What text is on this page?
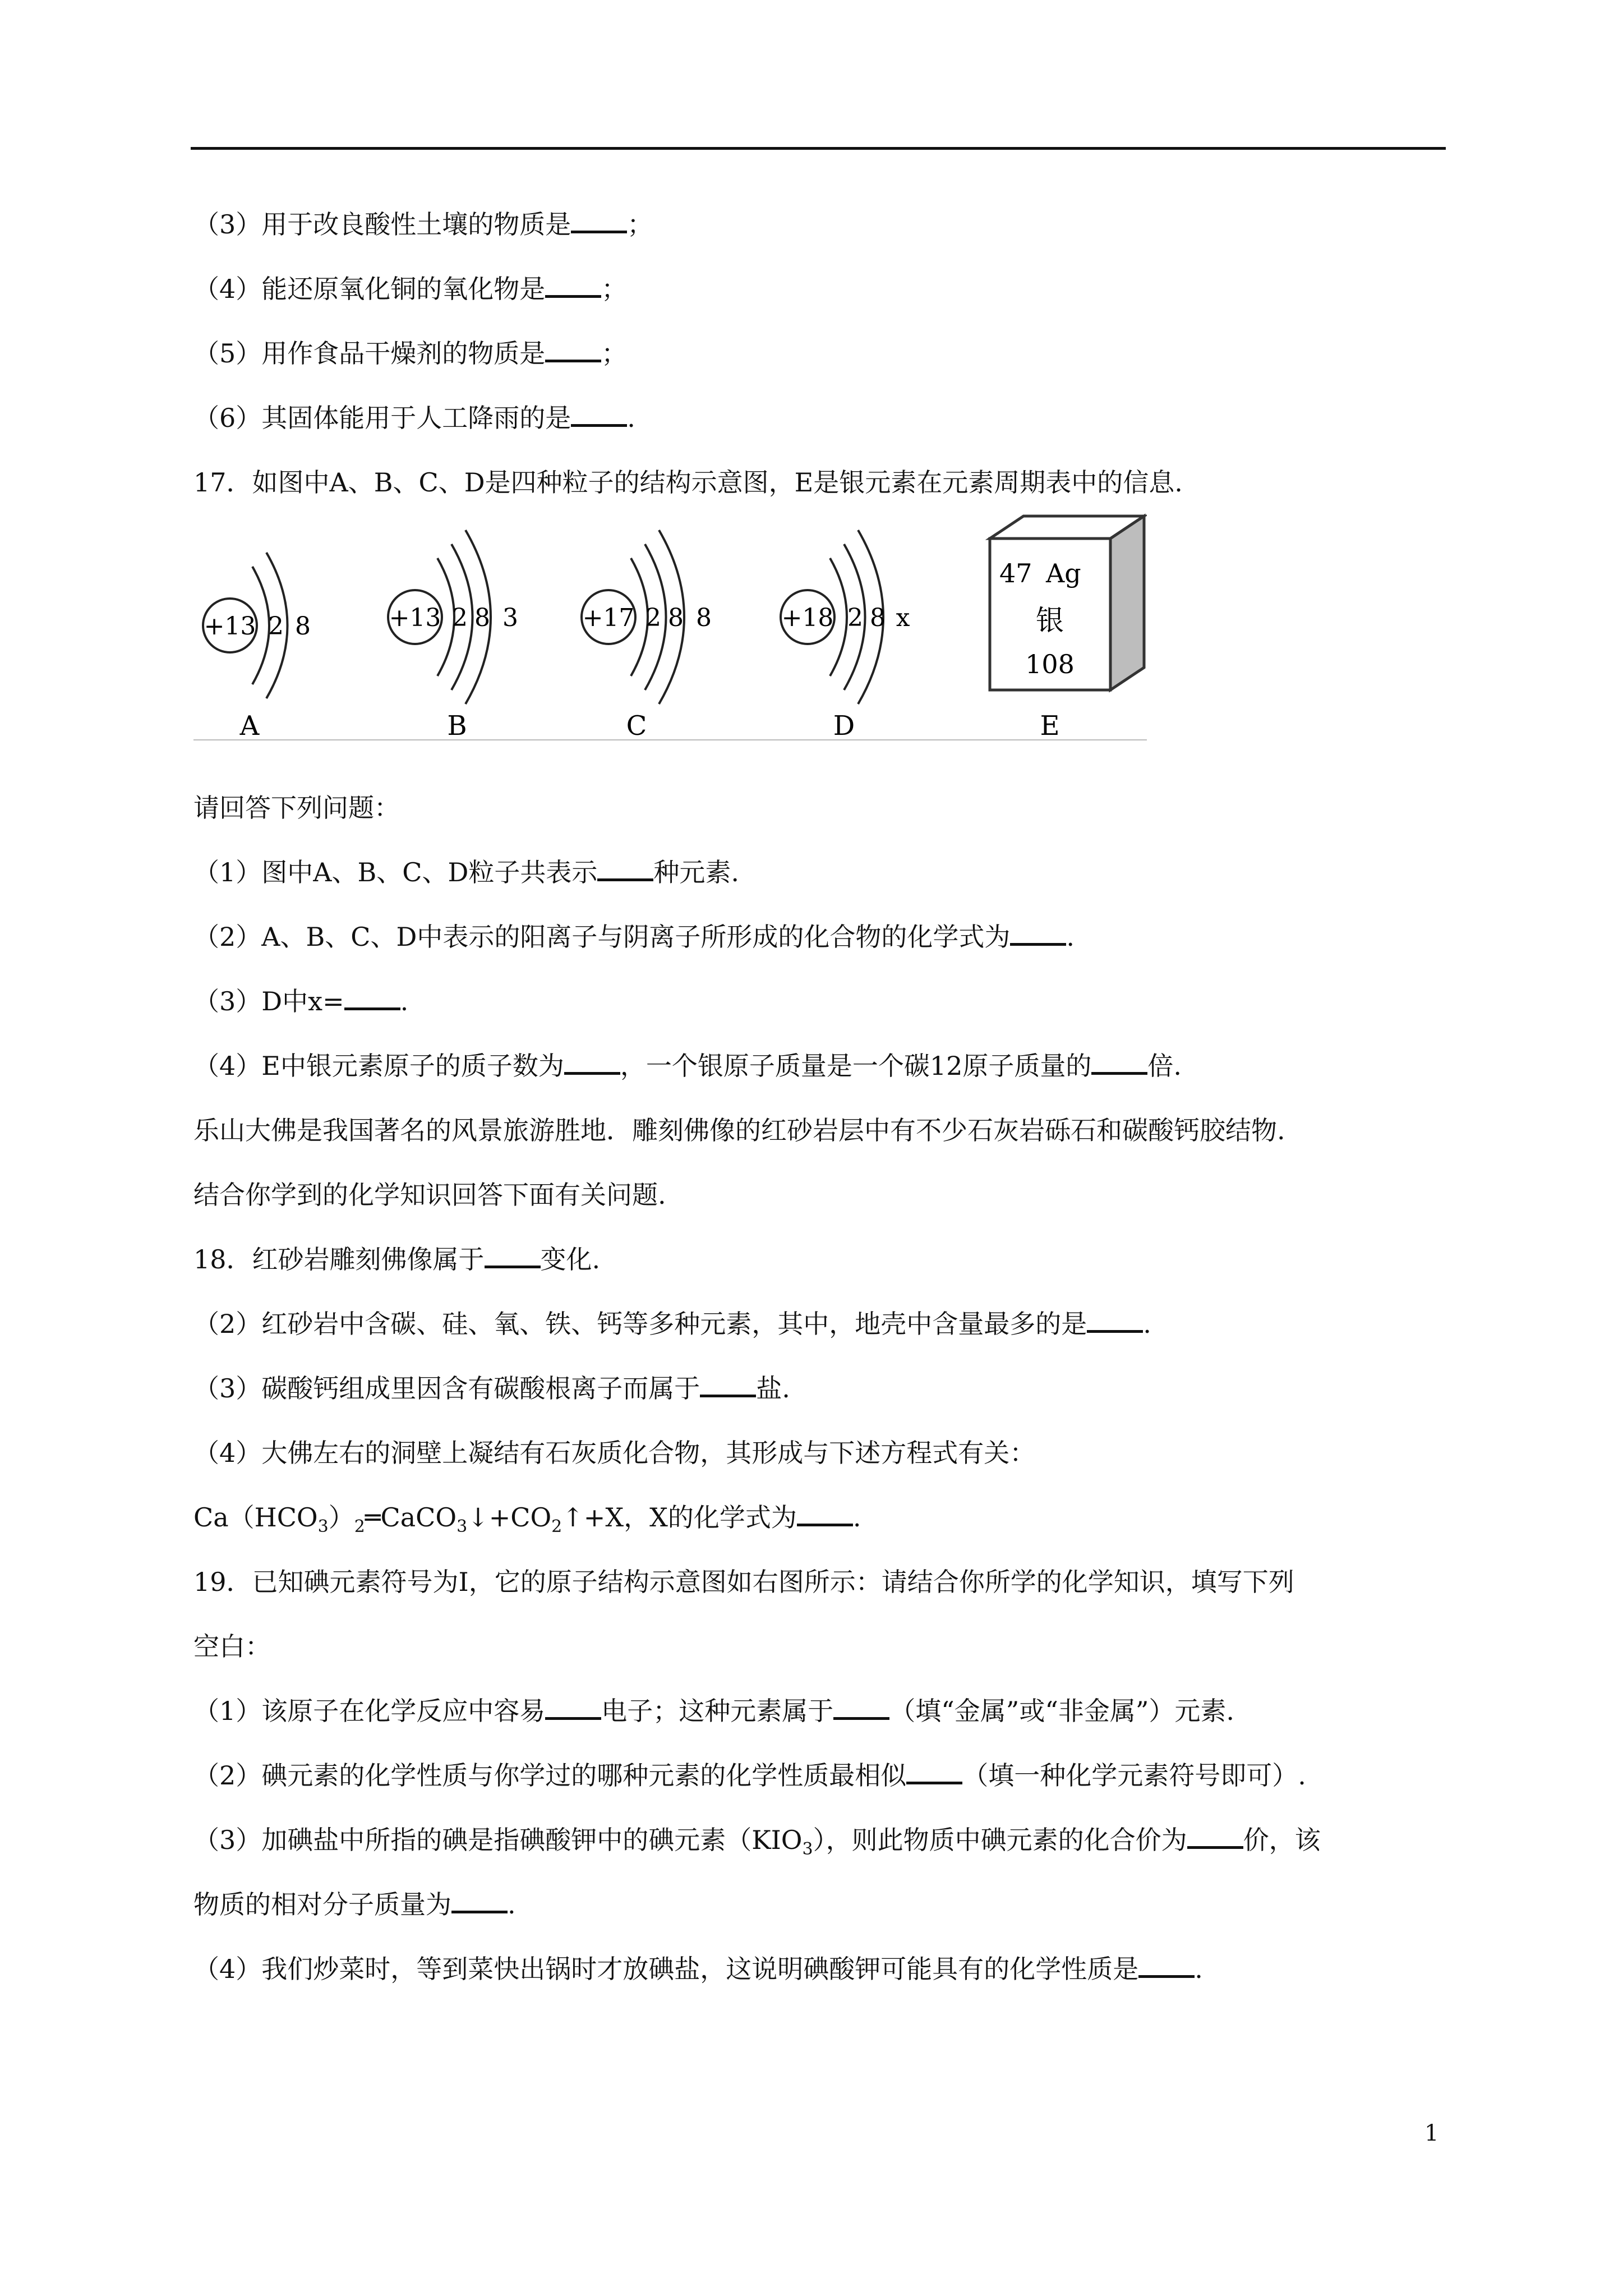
（3）用于改良酸性土壤的物质是 ；
（4）能还原氧化铜的氧化物是 ；
（5）用作食品干燥剂的物质是 ；
（6）其固体能用于人工降雨的是 .
17．如图中A、B、C、D是四种粒子的结构示意图，E是银元素在元素周期表中的信息.
+13 2 8
A
+13 2 8 3
B
+17 2 8 8
C
+18 2 8 x
D
47 Ag
银
108
E
请回答下列问题：
（1）图中A、B、C、D粒子共表示 种元素.
（2）A、B、C、D中表示的阳离子与阴离子所形成的化合物的化学式为 .
（3）D中x= .
（4）E中银元素原子的质子数为 ，一个银原子质量是一个碳12原子质量的 倍.
乐山大佛是我国著名的风景旅游胜地．雕刻佛像的红砂岩层中有不少石灰岩砾石和碳酸钙胶结物.
结合你学到的化学知识回答下面有关问题.
18．红砂岩雕刻佛像属于 变化.
（2）红砂岩中含碳、硅、氧、铁、钙等多种元素，其中，地壳中含量最多的是 .
（3）碳酸钙组成里因含有碳酸根离子而属于 盐.
（4）大佛左右的洞壁上凝结有石灰质化合物，其形成与下述方程式有关：
$Ca(HCO_3)_2═CaCO_3↓+CO_2↑+X$，X的化学式为 .
19．已知碘元素符号为I，它的原子结构示意图如右图所示：请结合你所学的化学知识，填写下列
空白：
（1）该原子在化学反应中容易 电子；这种元素属于 （填“金属”或“非金属”）元素.
（2）碘元素的化学性质与你学过的哪种元素的化学性质最相似 （填一种化学元素符号即可）.
（3）加碘盐中所指的碘是指碘酸钾中的碘元素$(KIO_3)$，则此物质中碘元素的化合价为 价，该
物质的相对分子质量为 .
（4）我们炒菜时，等到菜快出锅时才放碘盐，这说明碘酸钾可能具有的化学性质是 .
1
